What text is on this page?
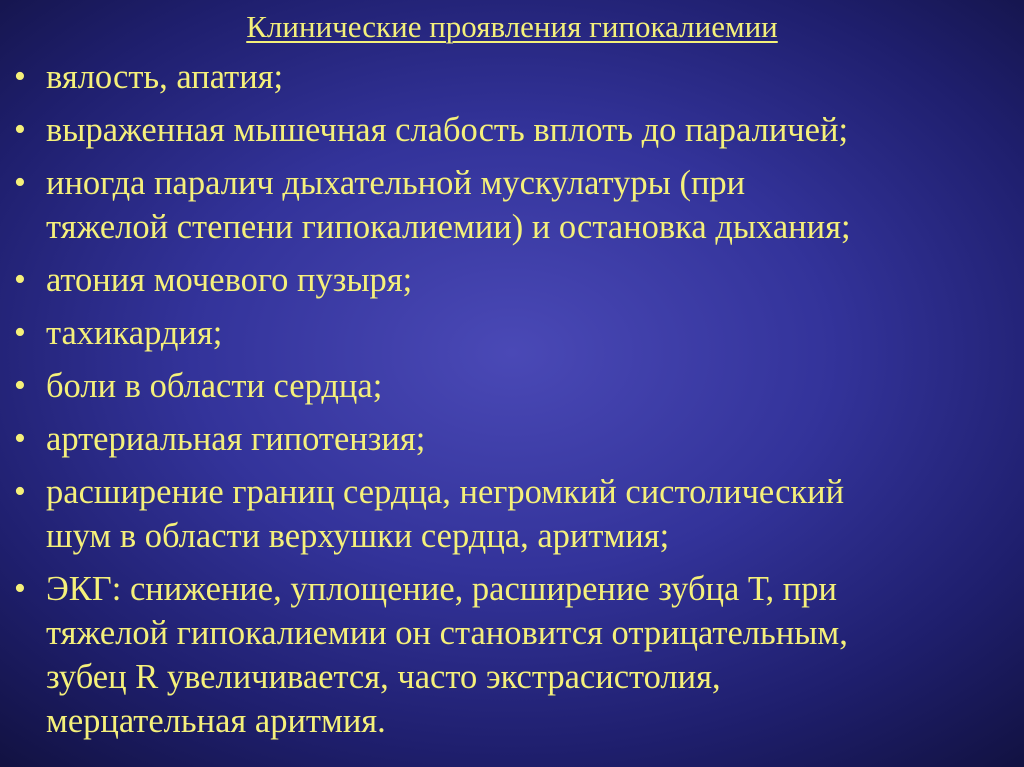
Клинические проявления гипокалиемии
• вялость, апатия;
• выраженная мышечная слабость вплоть до параличей;
• иногда паралич дыхательной мускулатуры (при
тяжелой степени гипокалиемии) и остановка дыхания;
• атония мочевого пузыря;
• тахикардия;
• боли в области сердца;
• артериальная гипотензия;
• расширение границ сердца, негромкий систолический
шум в области верхушки сердца, аритмия;
• ЭКГ: снижение, уплощение, расширение зубца Т, при
тяжелой гипокалиемии он становится отрицательным,
зубец R увеличивается, часто экстрасистолия,
мерцательная аритмия.
